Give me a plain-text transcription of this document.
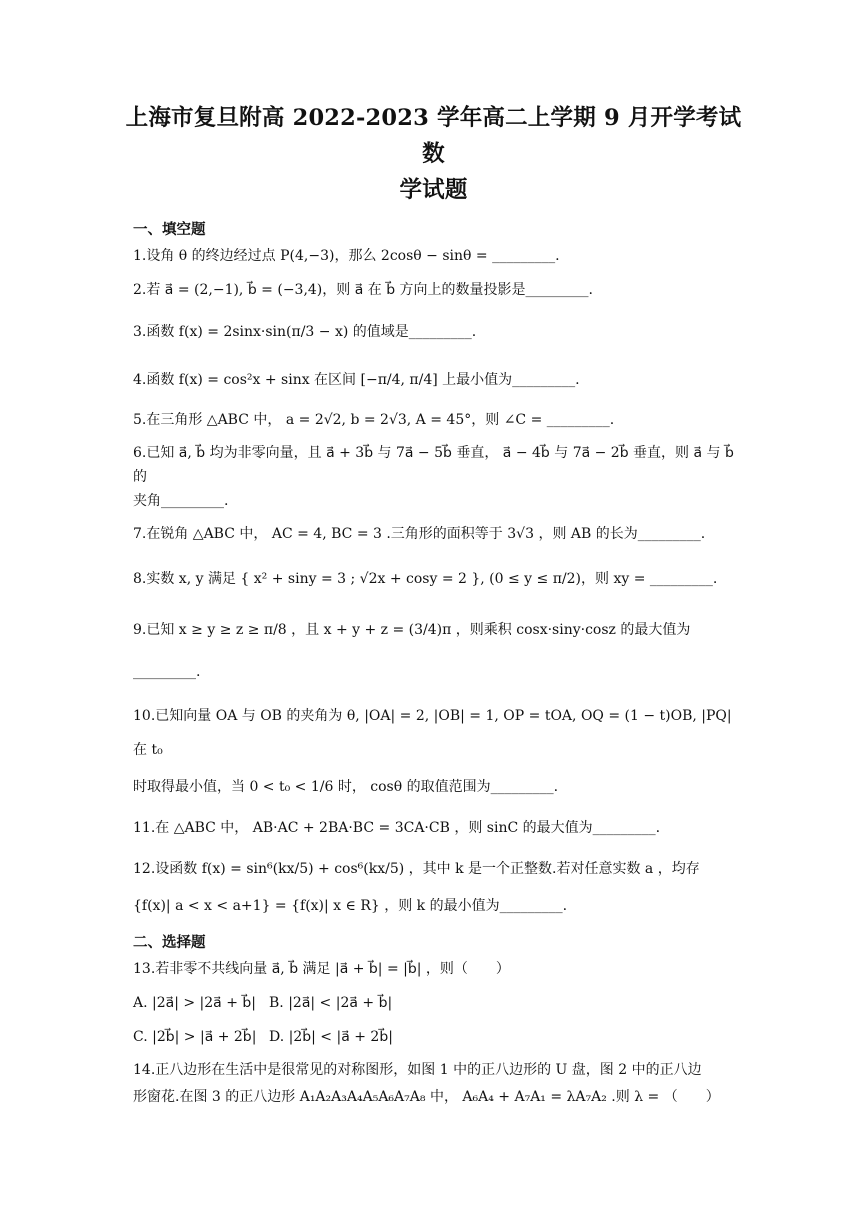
上海市复旦附高 2022-2023 学年高二上学期 9 月开学考试数
学试题
一、填空题
1.设角 θ 的终边经过点 P(4,−3)，那么 2cosθ − sinθ = _________.
2.若 a⃗ = (2,−1), b⃗ = (−3,4)，则 a⃗ 在 b⃗ 方向上的数量投影是_________.
3.函数 f(x) = 2sinx·sin(π/3 − x) 的值域是_________.
4.函数 f(x) = cos²x + sinx 在区间 [−π/4, π/4] 上最小值为_________.
5.在三角形 △ABC 中， a = 2√2, b = 2√3, A = 45°，则 ∠C = _________.
6.已知 a⃗, b⃗ 均为非零向量，且 a⃗ + 3b⃗ 与 7a⃗ − 5b⃗ 垂直， a⃗ − 4b⃗ 与 7a⃗ − 2b⃗ 垂直，则 a⃗ 与 b⃗ 的
夹角_________.
7.在锐角 △ABC 中， AC = 4, BC = 3 .三角形的面积等于 3√3 ，则 AB 的长为_________.
8.实数 x, y 满足 { x² + siny = 3 ; √2x + cosy = 2 }, (0 ≤ y ≤ π/2)，则 xy = _________.
9.已知 x ≥ y ≥ z ≥ π/8 ，且 x + y + z = (3/4)π ，则乘积 cosx·siny·cosz 的最大值为_________.
10.已知向量 OA 与 OB 的夹角为 θ, |OA| = 2, |OB| = 1, OP = tOA, OQ = (1 − t)OB, |PQ| 在 t₀
时取得最小值，当 0 < t₀ < 1/6 时， cosθ 的取值范围为_________.
11.在 △ABC 中， AB·AC + 2BA·BC = 3CA·CB ，则 sinC 的最大值为_________.
12.设函数 f(x) = sin⁶(kx/5) + cos⁶(kx/5) ，其中 k 是一个正整数.若对任意实数 a ，均存
{f(x)| a < x < a+1} = {f(x)| x ∈ R} ，则 k 的最小值为_________.
二、选择题
13.若非零不共线向量 a⃗, b⃗ 满足 |a⃗ + b⃗| = |b⃗| ，则（　　）
A. |2a⃗| > |2a⃗ + b⃗| B. |2a⃗| < |2a⃗ + b⃗|
C. |2b⃗| > |a⃗ + 2b⃗| D. |2b⃗| < |a⃗ + 2b⃗|
14.正八边形在生活中是很常见的对称图形，如图 1 中的正八边形的 U 盘，图 2 中的正八边
形窗花.在图 3 的正八边形 A₁A₂A₃A₄A₅A₆A₇A₈ 中， A₆A₄ + A₇A₁ = λA₇A₂ .则 λ = （　　）
